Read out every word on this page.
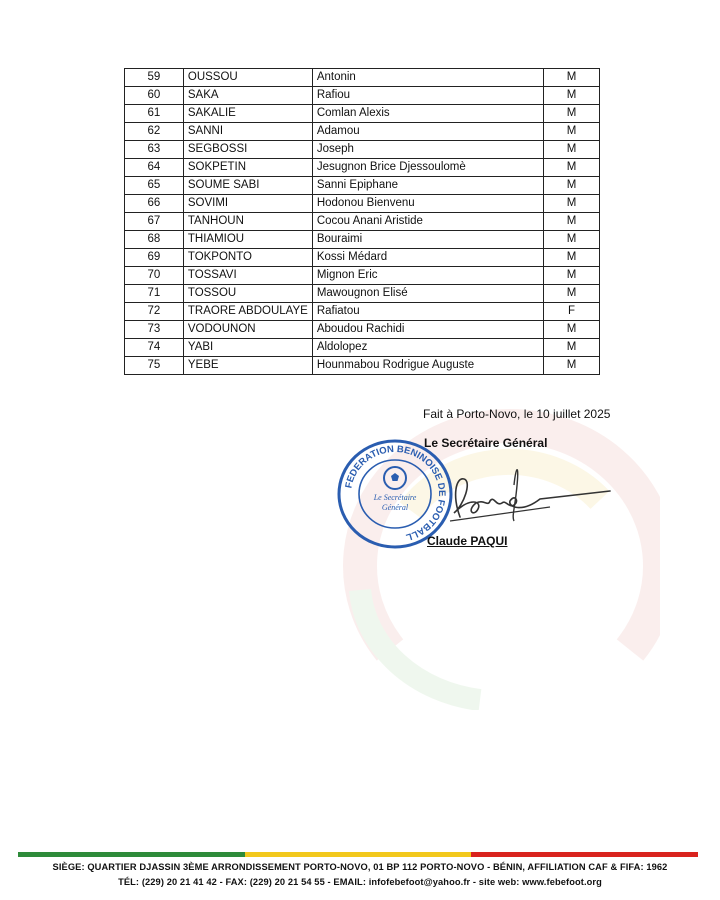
59	OUSSOU	Antonin	M
60	SAKA	Rafiou	M
61	SAKALIE	Comlan Alexis	M
62	SANNI	Adamou	M
63	SEGBOSSI	Joseph	M
64	SOKPETIN	Jesugnon Brice Djessoulomè	M
65	SOUME SABI	Sanni Epiphane	M
66	SOVIMI	Hodonou Bienvenu	M
67	TANHOUN	Cocou Anani Aristide	M
68	THIAMIOU	Bouraimi	M
69	TOKPONTO	Kossi Médard	M
70	TOSSAVI	Mignon Eric	M
71	TOSSOU	Mawougnon Elisé	M
72	TRAORE ABDOULAYE	Rafiatou	F
73	VODOUNON	Aboudou Rachidi	M
74	YABI	Aldolopez	M
75	YEBE	Hounmabou Rodrigue Auguste	M
Fait à Porto-Novo, le 10 juillet 2025
Le Secrétaire Général
FEDERATION BENINOISE DE FOOTBALL
Le Secrétaire
Général
Claude PAQUI
SIÈGE: QUARTIER DJASSIN 3ÈME ARRONDISSEMENT PORTO-NOVO, 01 BP 112 PORTO-NOVO - BÉNIN, AFFILIATION CAF & FIFA: 1962
TÉL: (229) 20 21 41 42 - FAX: (229) 20 21 54 55 - EMAIL: infofebefoot@yahoo.fr - site web: www.febefoot.org
